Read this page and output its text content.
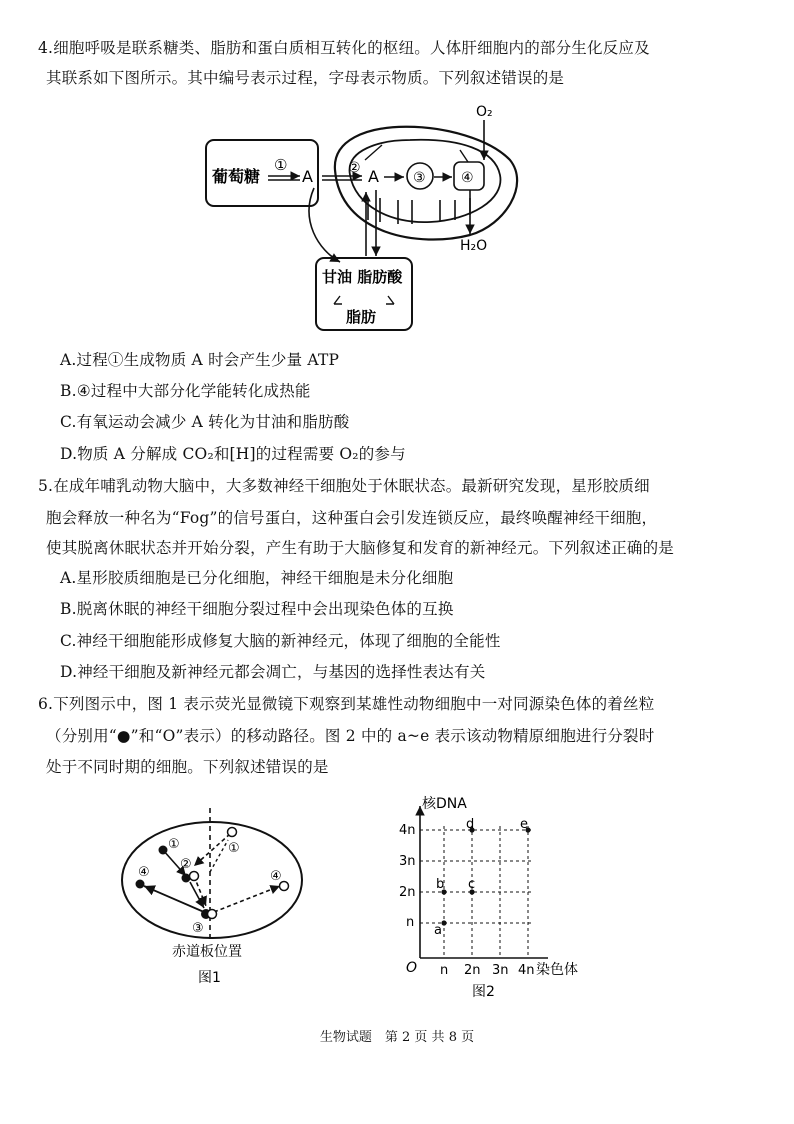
4.细胞呼吸是联系糖类、脂肪和蛋白质相互转化的枢纽。人体肝细胞内的部分生化反应及
其联系如下图所示。其中编号表示过程，字母表示物质。下列叙述错误的是
葡萄糖
①
A	② A ③	④
O₂
H₂O
甘油 脂肪酸
脂肪
A.过程①生成物质 A 时会产生少量 ATP
B.④过程中大部分化学能转化成热能
C.有氧运动会减少 A 转化为甘油和脂肪酸
D.物质 A 分解成 CO₂和[H]的过程需要 O₂的参与
5.在成年哺乳动物大脑中，大多数神经干细胞处于休眠状态。最新研究发现，星形胶质细
胞会释放一种名为“Fog”的信号蛋白，这种蛋白会引发连锁反应，最终唤醒神经干细胞，
使其脱离休眠状态并开始分裂，产生有助于大脑修复和发育的新神经元。下列叙述正确的是
A.星形胶质细胞是已分化细胞，神经干细胞是未分化细胞
B.脱离休眠的神经干细胞分裂过程中会出现染色体的互换
C.神经干细胞能形成修复大脑的新神经元，体现了细胞的全能性
D.神经干细胞及新神经元都会凋亡，与基因的选择性表达有关
6.下列图示中，图 1 表示荧光显微镜下观察到某雄性动物细胞中一对同源染色体的着丝粒
（分别用“●”和“O”表示）的移动路径。图 2 中的 a~e 表示该动物精原细胞进行分裂时
处于不同时期的细胞。下列叙述错误的是
①	①
②
③
④	④
赤道板位置
图1
核DNA
染色体
O
4n
3n
2n
n
n 2n 3n 4n
a
b c
d	e
图2
生物试题　第 2 页 共 8 页
